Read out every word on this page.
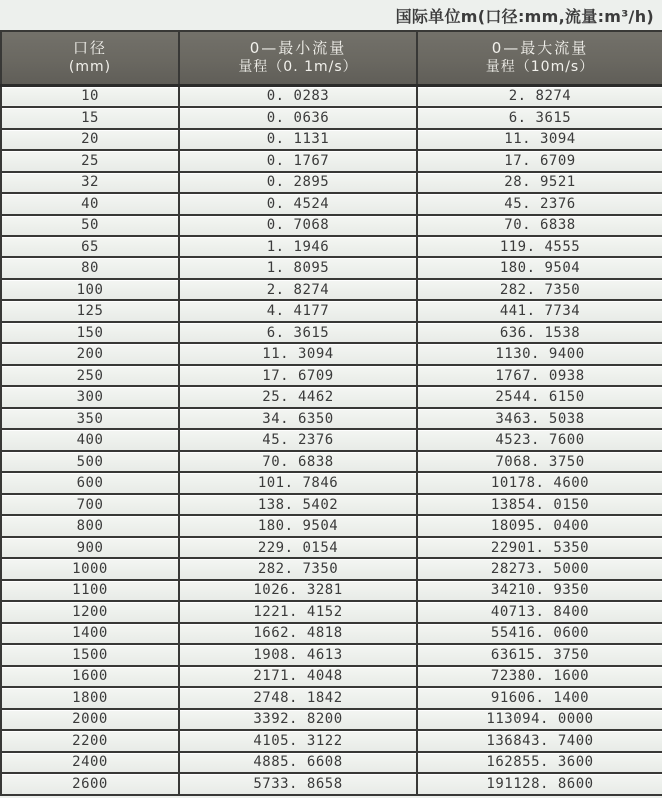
国际单位m(口径:mm,流量:m³/h)
口径
(mm)

0—最小流量
量程（0. 1m/s）

0—最大流量
量程（10m/s）

10	0. 0283	2. 8274
15	0. 0636	6. 3615
20	0. 1131	11. 3094
25	0. 1767	17. 6709
32	0. 2895	28. 9521
40	0. 4524	45. 2376
50	0. 7068	70. 6838
65	1. 1946	119. 4555
80	1. 8095	180. 9504
100	2. 8274	282. 7350
125	4. 4177	441. 7734
150	6. 3615	636. 1538
200	11. 3094	1130. 9400
250	17. 6709	1767. 0938
300	25. 4462	2544. 6150
350	34. 6350	3463. 5038
400	45. 2376	4523. 7600
500	70. 6838	7068. 3750
600	101. 7846	10178. 4600
700	138. 5402	13854. 0150
800	180. 9504	18095. 0400
900	229. 0154	22901. 5350
1000	282. 7350	28273. 5000
1100	1026. 3281	34210. 9350
1200	1221. 4152	40713. 8400
1400	1662. 4818	55416. 0600
1500	1908. 4613	63615. 3750
1600	2171. 4048	72380. 1600
1800	2748. 1842	91606. 1400
2000	3392. 8200	113094. 0000
2200	4105. 3122	136843. 7400
2400	4885. 6608	162855. 3600
2600	5733. 8658	191128. 8600
